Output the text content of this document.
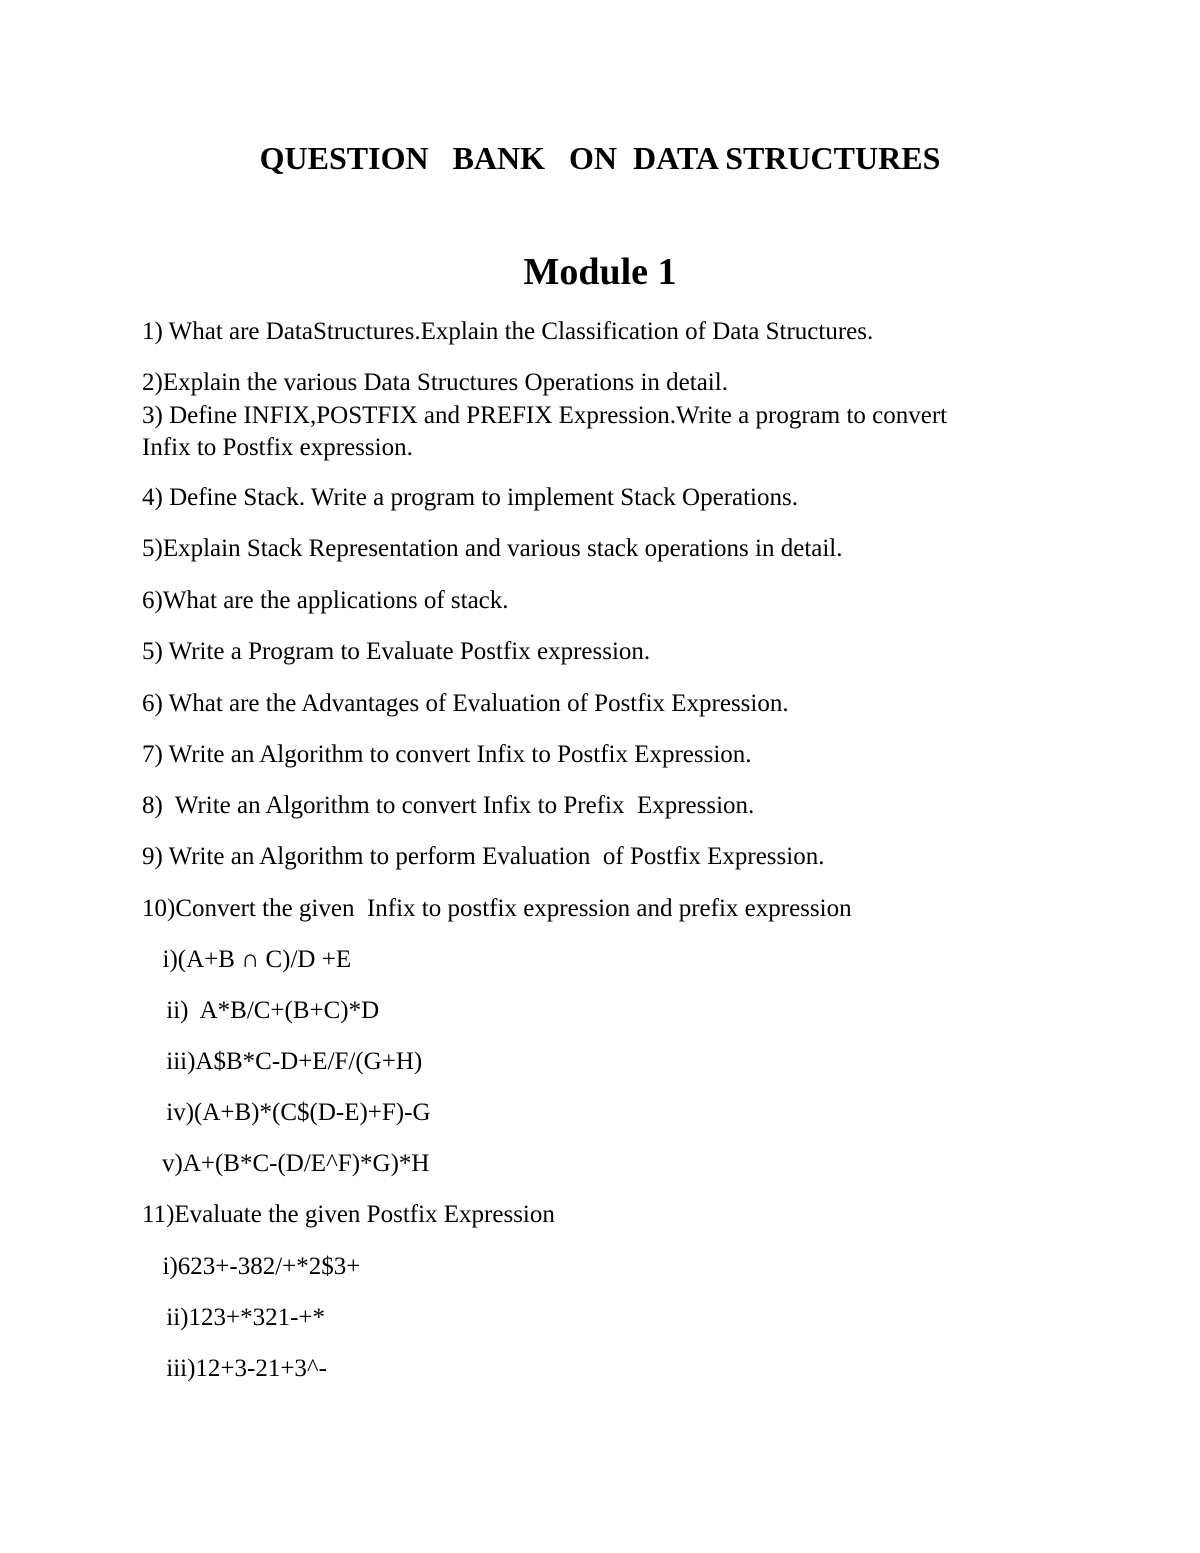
QUESTION   BANK   ON  DATA STRUCTURES
Module 1
1) What are DataStructures.Explain the Classification of Data Structures.
2)Explain the various Data Structures Operations in detail.
3) Define INFIX,POSTFIX and PREFIX Expression.Write a program to convert
Infix to Postfix expression.
4) Define Stack. Write a program to implement Stack Operations.
5)Explain Stack Representation and various stack operations in detail.
6)What are the applications of stack.
5) Write a Program to Evaluate Postfix expression.
6) What are the Advantages of Evaluation of Postfix Expression.
7) Write an Algorithm to convert Infix to Postfix Expression.
8)  Write an Algorithm to convert Infix to Prefix  Expression.
9) Write an Algorithm to perform Evaluation  of Postfix Expression.
10)Convert the given  Infix to postfix expression and prefix expression
i)(A+B ∩ C)/D +E
ii)  A*B/C+(B+C)*D
iii)A$B*C-D+E/F/(G+H)
iv)(A+B)*(C$(D-E)+F)-G
v)A+(B*C-(D/E^F)*G)*H
11)Evaluate the given Postfix Expression
i)623+-382/+*2$3+
ii)123+*321-+*
iii)12+3-21+3^-
